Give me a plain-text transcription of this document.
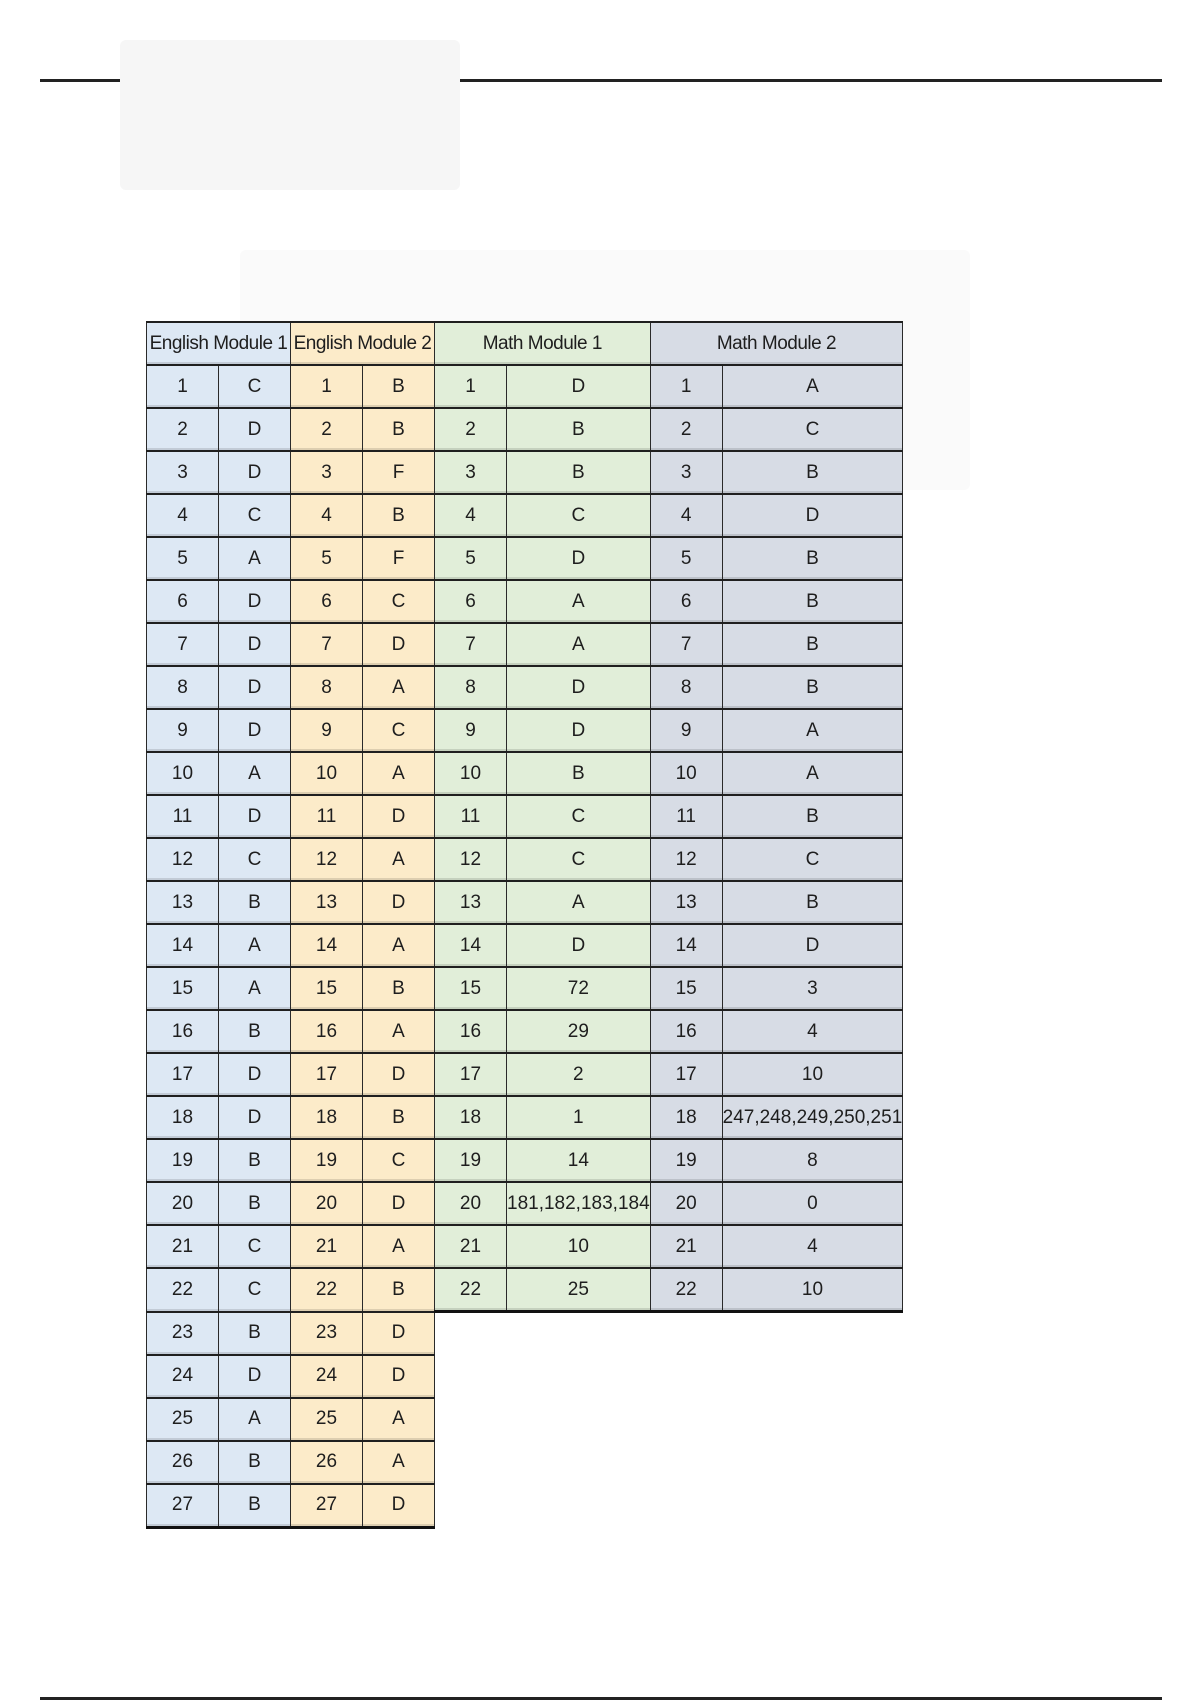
English Module 1		English Module 2		Math Module 1		Math Module 2	
1	C	1	B	1	D	1	A
2	D	2	B	2	B	2	C
3	D	3	F	3	B	3	B
4	C	4	B	4	C	4	D
5	A	5	F	5	D	5	B
6	D	6	C	6	A	6	B
7	D	7	D	7	A	7	B
8	D	8	A	8	D	8	B
9	D	9	C	9	D	9	A
10	A	10	A	10	B	10	A
11	D	11	D	11	C	11	B
12	C	12	A	12	C	12	C
13	B	13	D	13	A	13	B
14	A	14	A	14	D	14	D
15	A	15	B	15	72	15	3
16	B	16	A	16	29	16	4
17	D	17	D	17	2	17	10
18	D	18	B	18	1	18	247,248,249,250,251
19	B	19	C	19	14	19	8
20	B	20	D	20	181,182,183,184	20	0
21	C	21	A	21	10	21	4
22	C	22	B	22	25	22	10
23	B	23	D				
24	D	24	D				
25	A	25	A				
26	B	26	A				
27	B	27	D				
